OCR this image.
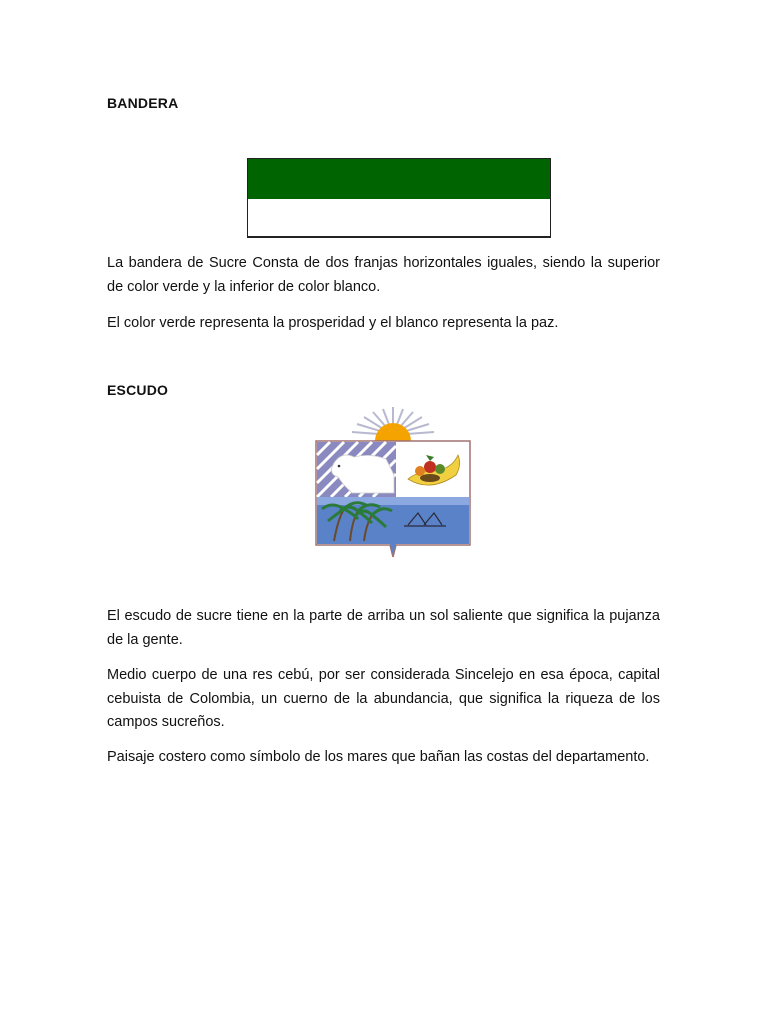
BANDERA

La bandera de Sucre Consta de dos franjas horizontales iguales, siendo la superior de color verde y la inferior de color blanco.

El color verde representa la prosperidad y el blanco representa la paz.

ESCUDO

El escudo de sucre tiene en la parte de arriba un sol saliente que significa la pujanza de la gente.

Medio cuerpo de una res cebú, por ser considerada Sincelejo en esa época, capital cebuista de Colombia, un cuerno de la abundancia, que significa la riqueza de los campos sucreños.

Paisaje costero como símbolo de los mares que bañan las costas del departamento.
